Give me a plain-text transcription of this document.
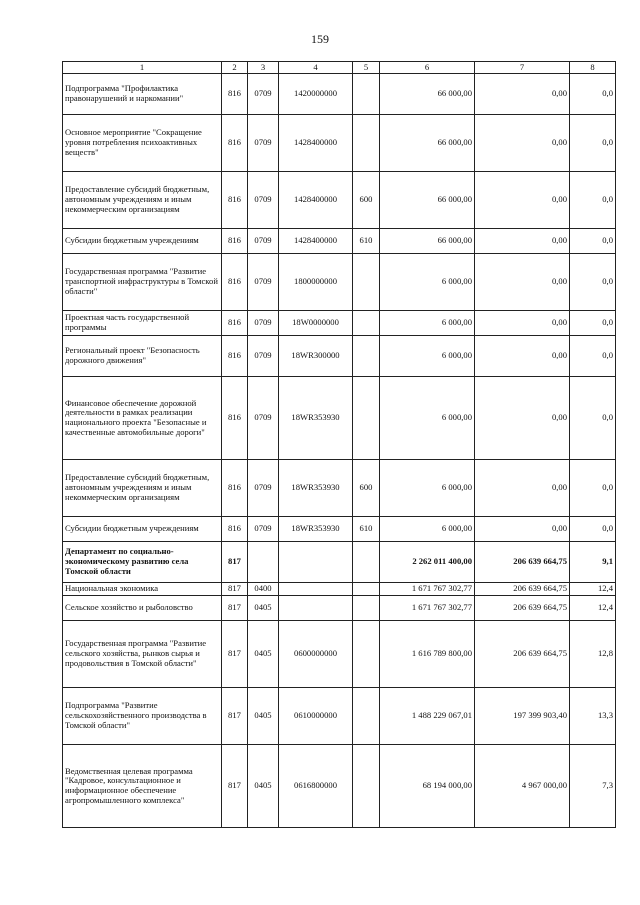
159
1	2	3	4	5	6	7	8
Подпрограмма "Профилактика правонарушений и наркомании"	816	0709	1420000000		66 000,00	0,00	0,0
Основное мероприятие "Сокращение уровня потребления психоактивных веществ"	816	0709	1428400000		66 000,00	0,00	0,0
Предоставление субсидий бюджетным, автономным учреждениям и иным некоммерческим организациям	816	0709	1428400000	600	66 000,00	0,00	0,0
Субсидии бюджетным учреждениям	816	0709	1428400000	610	66 000,00	0,00	0,0
Государственная программа "Развитие транспортной инфраструктуры в Томской области"	816	0709	1800000000		6 000,00	0,00	0,0
Проектная часть государственной программы	816	0709	18W0000000		6 000,00	0,00	0,0
Региональный проект "Безопасность дорожного движения"	816	0709	18WR300000		6 000,00	0,00	0,0
Финансовое обеспечение дорожной деятельности в рамках реализации национального проекта "Безопасные и качественные автомобильные дороги"	816	0709	18WR353930		6 000,00	0,00	0,0
Предоставление субсидий бюджетным, автономным учреждениям и иным некоммерческим организациям	816	0709	18WR353930	600	6 000,00	0,00	0,0
Субсидии бюджетным учреждениям	816	0709	18WR353930	610	6 000,00	0,00	0,0
Департамент по социально-экономическому развитию села Томской области	817				2 262 011 400,00	206 639 664,75	9,1
Национальная экономика	817	0400			1 671 767 302,77	206 639 664,75	12,4
Сельское хозяйство и рыболовство	817	0405			1 671 767 302,77	206 639 664,75	12,4
Государственная программа "Развитие сельского хозяйства, рынков сырья и продовольствия в Томской области"	817	0405	0600000000		1 616 789 800,00	206 639 664,75	12,8
Подпрограмма "Развитие сельскохозяйственного производства в Томской области"	817	0405	0610000000		1 488 229 067,01	197 399 903,40	13,3
Ведомственная целевая программа "Кадровое, консультационное и информационное обеспечение агропромышленного комплекса"	817	0405	0616800000		68 194 000,00	4 967 000,00	7,3
